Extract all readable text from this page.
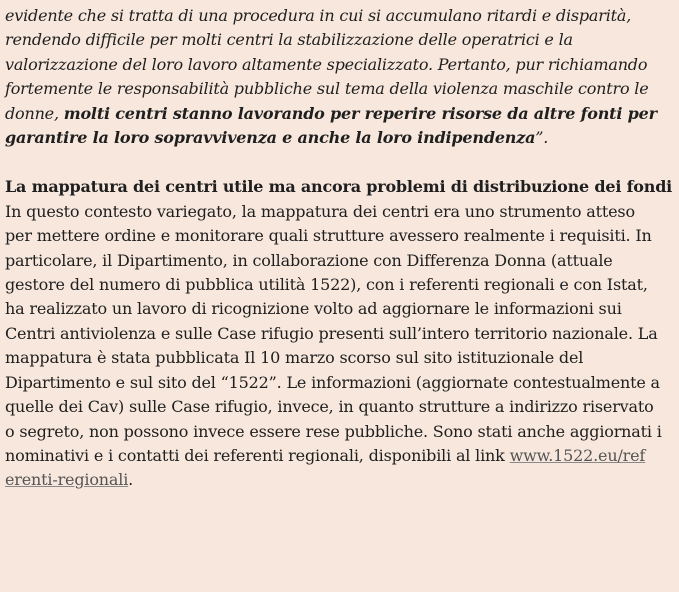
evidente che si tratta di una procedura in cui si accumulano ritardi e disparità,
rendendo difficile per molti centri la stabilizzazione delle operatrici e la
valorizzazione del loro lavoro altamente specializzato. Pertanto, pur richiamando
fortemente le responsabilità pubbliche sul tema della violenza maschile contro le
donne, molti centri stanno lavorando per reperire risorse da altre fonti per
garantire la loro sopravvivenza e anche la loro indipendenza”.
La mappatura dei centri utile ma ancora problemi di distribuzione dei fondi
In questo contesto variegato, la mappatura dei centri era uno strumento atteso
per mettere ordine e monitorare quali strutture avessero realmente i requisiti. In
particolare, il Dipartimento, in collaborazione con Differenza Donna (attuale
gestore del numero di pubblica utilità 1522), con i referenti regionali e con Istat,
ha realizzato un lavoro di ricognizione volto ad aggiornare le informazioni sui
Centri antiviolenza e sulle Case rifugio presenti sull’intero territorio nazionale. La
mappatura è stata pubblicata Il 10 marzo scorso sul sito istituzionale del
Dipartimento e sul sito del “1522”. Le informazioni (aggiornate contestualmente a
quelle dei Cav) sulle Case rifugio, invece, in quanto strutture a indirizzo riservato
o segreto, non possono invece essere rese pubbliche. Sono stati anche aggiornati i
nominativi e i contatti dei referenti regionali, disponibili al link www.1522.eu/ref
erenti-regionali.
